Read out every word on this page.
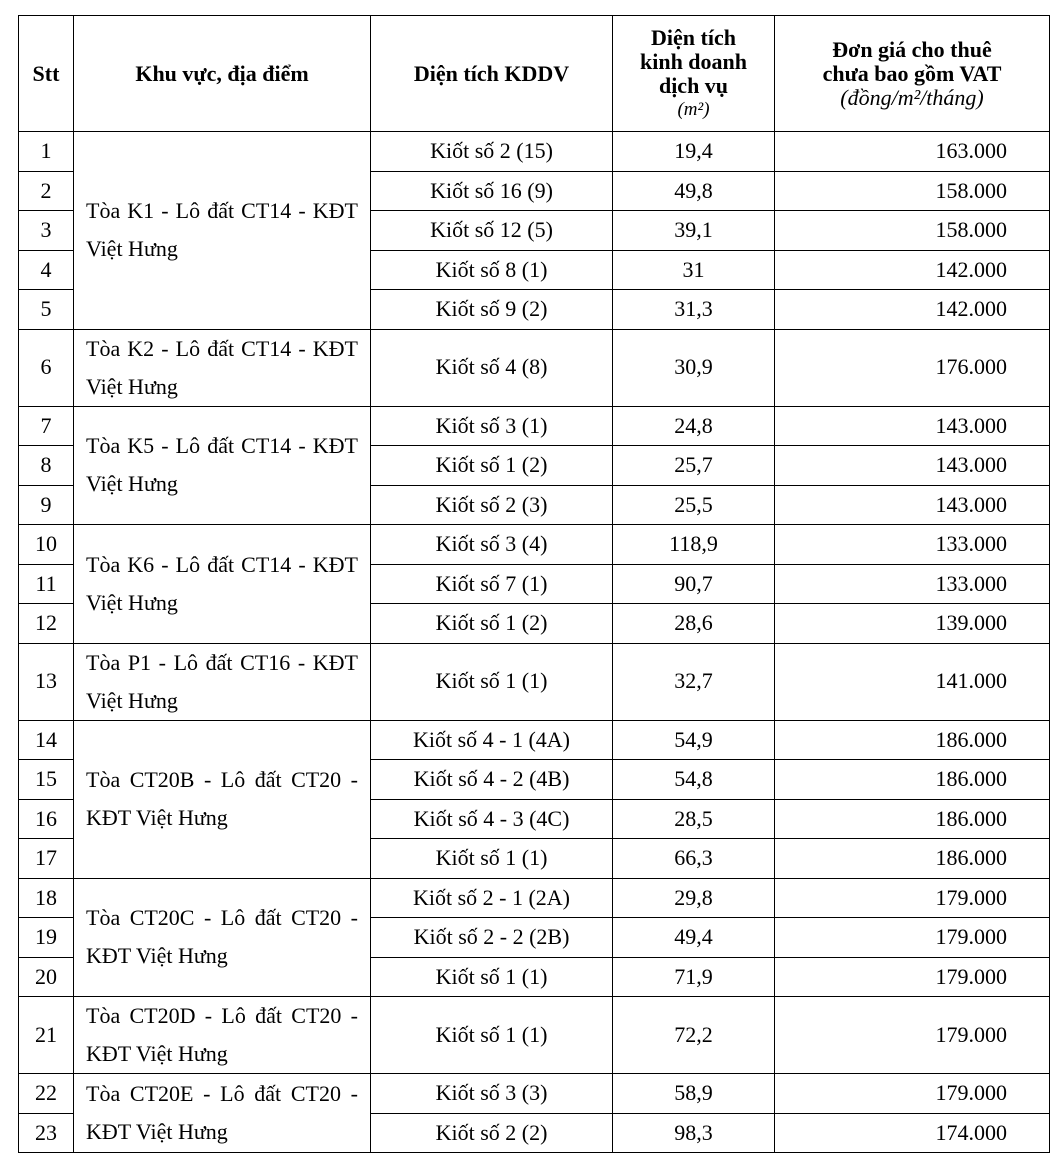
Stt	Khu vực, địa điểm	Diện tích KDDV	Diện tích
kinh doanh
dịch vụ
(m²)	Đơn giá cho thuê
chưa bao gồm VAT
(đồng/m²/tháng)

1	Tòa K1 - Lô đất CT14 - KĐT Việt Hưng	Kiốt số 2 (15)	19,4	163.000
2		Kiốt số 16 (9)	49,8	158.000
3		Kiốt số 12 (5)	39,1	158.000
4		Kiốt số 8 (1)	31	142.000
5		Kiốt số 9 (2)	31,3	142.000
6	Tòa K2 - Lô đất CT14 - KĐT Việt Hưng	Kiốt số 4 (8)	30,9	176.000
7	Tòa K5 - Lô đất CT14 - KĐT Việt Hưng	Kiốt số 3 (1)	24,8	143.000
8		Kiốt số 1 (2)	25,7	143.000
9		Kiốt số 2 (3)	25,5	143.000
10	Tòa K6 - Lô đất CT14 - KĐT Việt Hưng	Kiốt số 3 (4)	118,9	133.000
11		Kiốt số 7 (1)	90,7	133.000
12		Kiốt số 1 (2)	28,6	139.000
13	Tòa P1 - Lô đất CT16 - KĐT Việt Hưng	Kiốt số 1 (1)	32,7	141.000
14	Tòa CT20B - Lô đất CT20 - KĐT Việt Hưng	Kiốt số 4 - 1 (4A)	54,9	186.000
15		Kiốt số 4 - 2 (4B)	54,8	186.000
16		Kiốt số 4 - 3 (4C)	28,5	186.000
17		Kiốt số 1 (1)	66,3	186.000
18	Tòa CT20C - Lô đất CT20 - KĐT Việt Hưng	Kiốt số 2 - 1 (2A)	29,8	179.000
19		Kiốt số 2 - 2 (2B)	49,4	179.000
20		Kiốt số 1 (1)	71,9	179.000
21	Tòa CT20D - Lô đất CT20 - KĐT Việt Hưng	Kiốt số 1 (1)	72,2	179.000
22	Tòa CT20E - Lô đất CT20 - KĐT Việt Hưng	Kiốt số 3 (3)	58,9	179.000
23		Kiốt số 2 (2)	98,3	174.000
